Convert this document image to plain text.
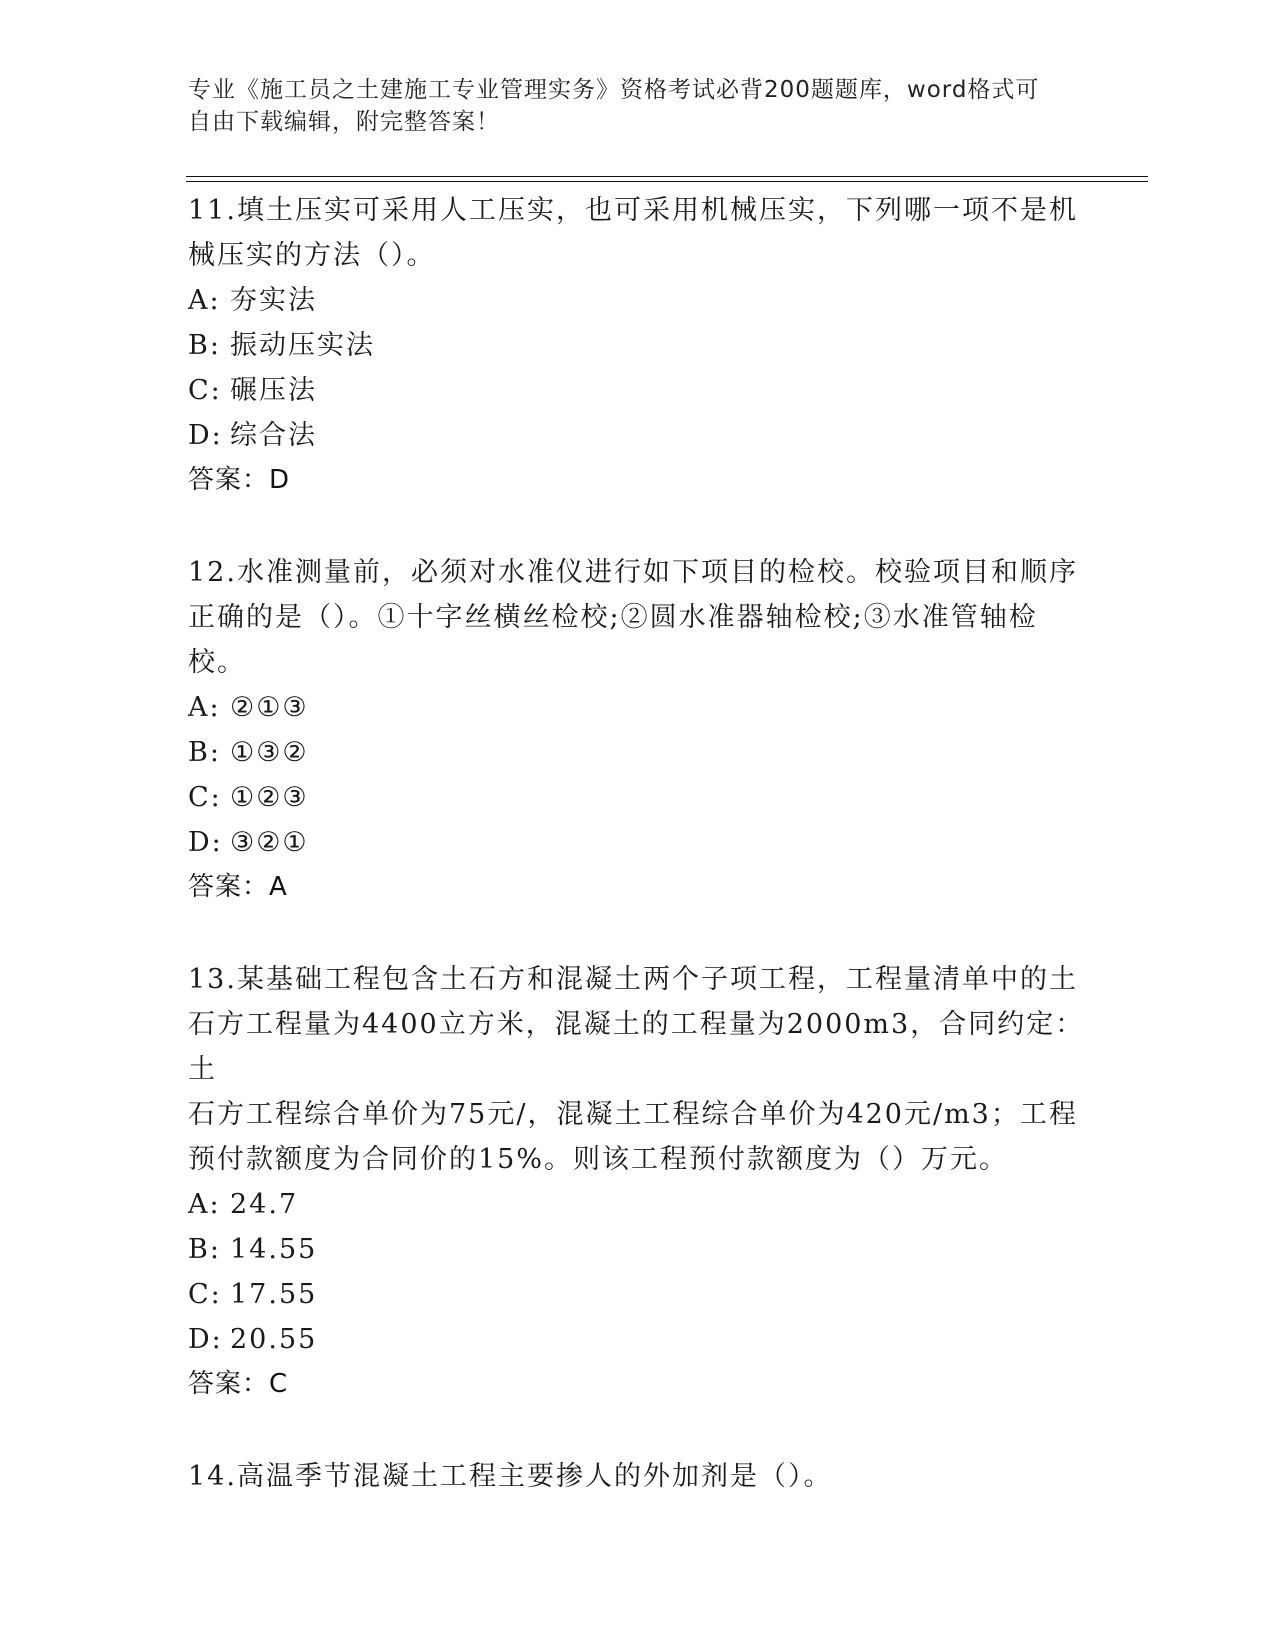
专业《施工员之土建施工专业管理实务》资格考试必背200题题库，word格式可
自由下载编辑，附完整答案！
11.填土压实可采用人工压实，也可采用机械压实，下列哪一项不是机
械压实的方法（）。
A: 夯实法
B: 振动压实法
C: 碾压法
D: 综合法
答案：D
12.水准测量前，必须对水准仪进行如下项目的检校。校验项目和顺序
正确的是（）。①十字丝横丝检校;②圆水准器轴检校;③水准管轴检
校。
A: ②①③
B: ①③②
C: ①②③
D: ③②①
答案：A
13.某基础工程包含土石方和混凝土两个子项工程，工程量清单中的土
石方工程量为4400立方米，混凝土的工程量为2000m3，合同约定：土
石方工程综合单价为75元/，混凝土工程综合单价为420元/m3；工程
预付款额度为合同价的15%。则该工程预付款额度为（）万元。
A: 24.7
B: 14.55
C: 17.55
D: 20.55
答案：C
14.高温季节混凝土工程主要掺人的外加剂是（）。
